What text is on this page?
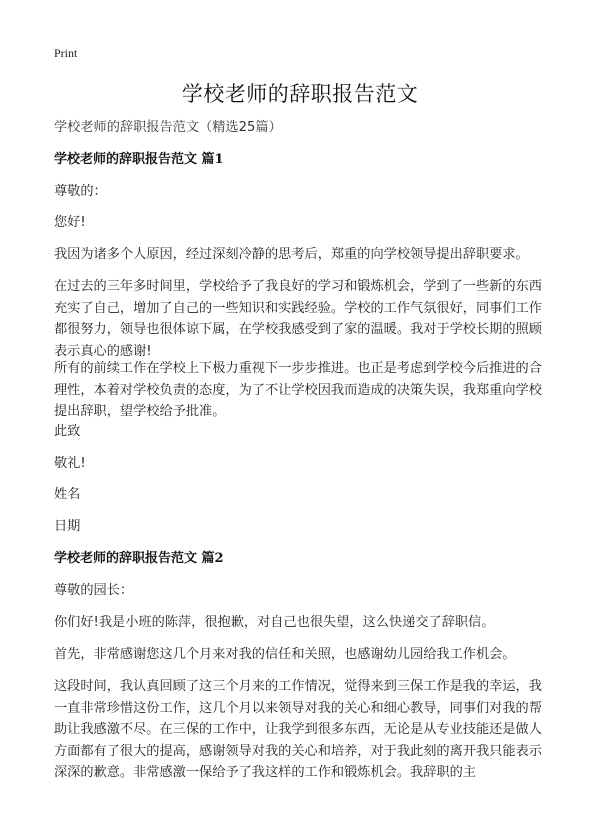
Print
学校老师的辞职报告范文

学校老师的辞职报告范文（精选25篇）

学校老师的辞职报告范文 篇1

尊敬的：

您好!

我因为诸多个人原因，经过深刻冷静的思考后，郑重的向学校领导提出辞职要求。

在过去的三年多时间里，学校给予了我良好的学习和锻炼机会，学到了一些新的东西充实了自己，增加了自己的一些知识和实践经验。学校的工作气氛很好，同事们工作都很努力，领导也很体谅下属，在学校我感受到了家的温暖。我对于学校长期的照顾表示真心的感谢!

所有的前续工作在学校上下极力重视下一步步推进。也正是考虑到学校今后推进的合理性，本着对学校负责的态度，为了不让学校因我而造成的决策失误，我郑重向学校提出辞职，望学校给予批准。

此致

敬礼!

姓名

日期

学校老师的辞职报告范文 篇2

尊敬的园长：

你们好!我是小班的陈萍，很抱歉，对自己也很失望，这么快递交了辞职信。

首先，非常感谢您这几个月来对我的信任和关照，也感谢幼儿园给我工作机会。

这段时间，我认真回顾了这三个月来的工作情况，觉得来到三保工作是我的幸运，我一直非常珍惜这份工作，这几个月以来领导对我的关心和细心教导，同事们对我的帮助让我感激不尽。在三保的工作中，让我学到很多东西，无论是从专业技能还是做人方面都有了很大的提高，感谢领导对我的关心和培养，对于我此刻的离开我只能表示深深的歉意。非常感激一保给予了我这样的工作和锻炼机会。我辞职的主
